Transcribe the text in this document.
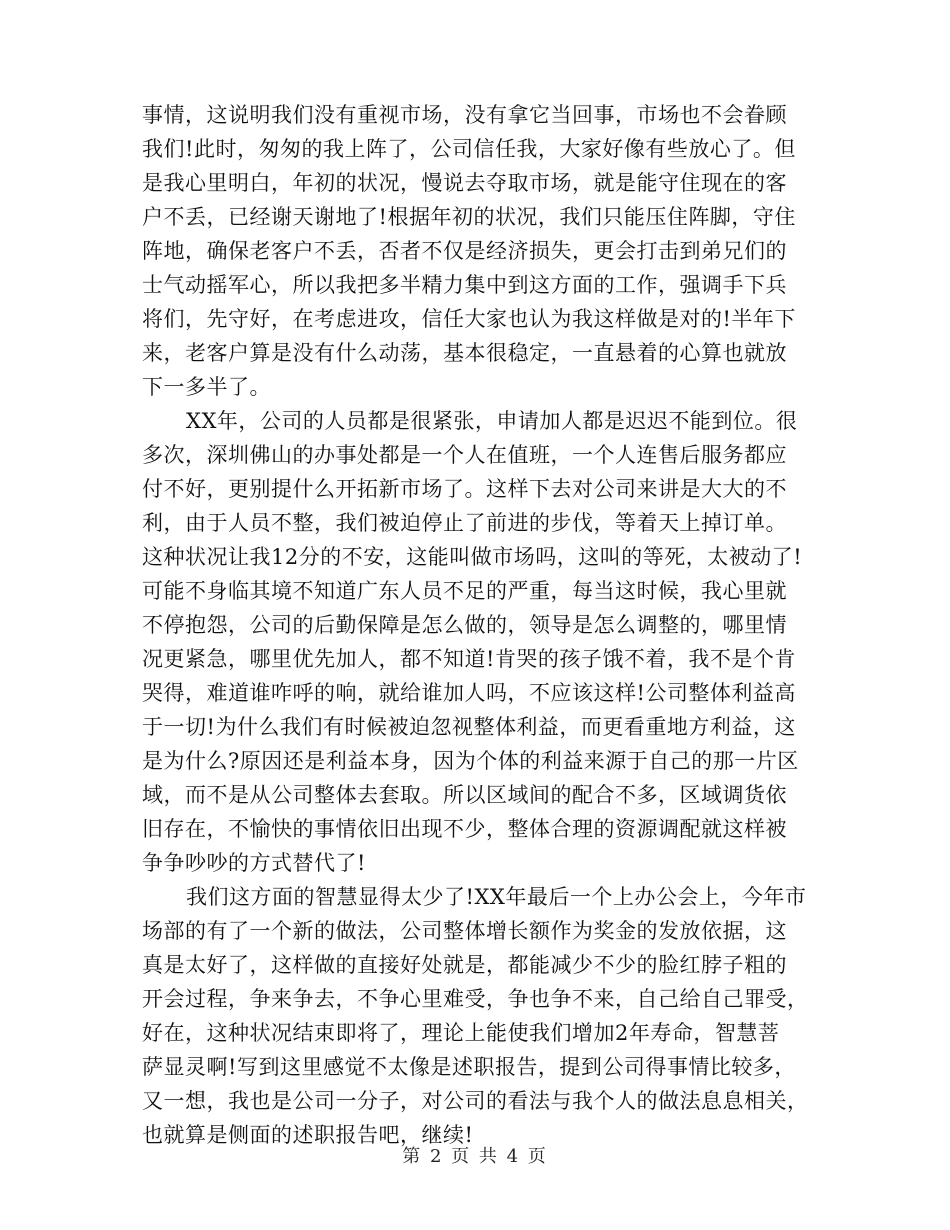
事情，这说明我们没有重视市场，没有拿它当回事，市场也不会眷顾
我们!此时，匆匆的我上阵了，公司信任我，大家好像有些放心了。但
是我心里明白，年初的状况，慢说去夺取市场，就是能守住现在的客
户不丢，已经谢天谢地了!根据年初的状况，我们只能压住阵脚，守住
阵地，确保老客户不丢，否者不仅是经济损失，更会打击到弟兄们的
士气动摇军心，所以我把多半精力集中到这方面的工作，强调手下兵
将们，先守好，在考虑进攻，信任大家也认为我这样做是对的!半年下
来，老客户算是没有什么动荡，基本很稳定，一直悬着的心算也就放
下一多半了。
XX年，公司的人员都是很紧张，申请加人都是迟迟不能到位。很
多次，深圳佛山的办事处都是一个人在值班，一个人连售后服务都应
付不好，更别提什么开拓新市场了。这样下去对公司来讲是大大的不
利，由于人员不整，我们被迫停止了前进的步伐，等着天上掉订单。
这种状况让我12分的不安，这能叫做市场吗，这叫的等死，太被动了!
可能不身临其境不知道广东人员不足的严重，每当这时候，我心里就
不停抱怨，公司的后勤保障是怎么做的，领导是怎么调整的，哪里情
况更紧急，哪里优先加人，都不知道!肯哭的孩子饿不着，我不是个肯
哭得，难道谁咋呼的响，就给谁加人吗，不应该这样!公司整体利益高
于一切!为什么我们有时候被迫忽视整体利益，而更看重地方利益，这
是为什么?原因还是利益本身，因为个体的利益来源于自己的那一片区
域，而不是从公司整体去套取。所以区域间的配合不多，区域调货依
旧存在，不愉快的事情依旧出现不少，整体合理的资源调配就这样被
争争吵吵的方式替代了!
我们这方面的智慧显得太少了!XX年最后一个上办公会上，今年市
场部的有了一个新的做法，公司整体增长额作为奖金的发放依据，这
真是太好了，这样做的直接好处就是，都能减少不少的脸红脖子粗的
开会过程，争来争去，不争心里难受，争也争不来，自己给自己罪受，
好在，这种状况结束即将了，理论上能使我们增加2年寿命，智慧菩
萨显灵啊!写到这里感觉不太像是述职报告，提到公司得事情比较多，
又一想，我也是公司一分子，对公司的看法与我个人的做法息息相关，
也就算是侧面的述职报告吧，继续!
第 2 页 共 4 页
